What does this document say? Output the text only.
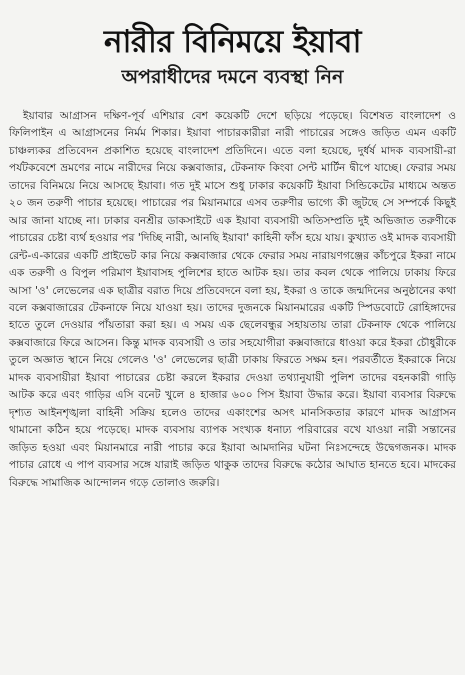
নারীর বিনিময়ে ইয়াবা
অপরাধীদের দমনে ব্যবস্থা নিন

ইয়াবার আগ্রাসন দক্ষিণ-পূর্ব এশিয়ার বেশ কয়েকটি দেশে ছড়িয়ে পড়েছে। বিশেষত বাংলাদেশ ও ফিলিপাইন এ আগ্রাসনের নির্মম শিকার। ইয়াবা পাচারকারীরা নারী পাচারের সঙ্গেও জড়িত এমন একটি চাঞ্চল্যকর প্রতিবেদন প্রকাশিত হয়েছে বাংলাদেশ প্রতিদিনে। এতে বলা হয়েছে, দুর্ধর্ষ মাদক ব্যবসায়ী-রা পর্যটকবেশে ভ্রমণের নামে নারীদের নিয়ে কক্সবাজার, টেকনাফ কিংবা সেন্ট মার্টিন দ্বীপে যাচ্ছে। ফেরার সময় তাদের বিনিময়ে নিয়ে আসছে ইয়াবা। গত দুই মাসে শুধু ঢাকার কয়েকটি ইয়াবা সিন্ডিকেটের মাধ্যমে অন্তত ২০ জন তরুণী পাচার হয়েছে। পাচারের পর মিয়ানমারে এসব তরুণীর ভাগ্যে কী জুটছে সে সম্পর্কে কিছুই আর জানা যাচ্ছে না। ঢাকার বনশ্রীর ডাকসাইটে এক ইয়াবা ব্যবসায়ী অতিসম্প্রতি দুই অভিজাত তরুণীকে পাচারের চেষ্টা ব্যর্থ হওয়ার পর 'দিচ্ছি নারী, আনছি ইয়াবা' কাহিনী ফাঁস হয়ে যায়। কুখ্যাত ওই মাদক ব্যবসায়ী রেন্ট-এ-কারের একটি প্রাইভেট কার নিয়ে কক্সবাজার থেকে ফেরার সময় নারায়ণগঞ্জের কাঁচপুরে ইকরা নামে এক তরুণী ও বিপুল পরিমাণ ইয়াবাসহ পুলিশের হাতে আটক হয়। তার কবল থেকে পালিয়ে ঢাকায় ফিরে আসা 'ও' লেভেলের এক ছাত্রীর বরাত দিয়ে প্রতিবেদনে বলা হয়, ইকরা ও তাকে জন্মদিনের অনুষ্ঠানের কথা বলে কক্সবাজারের টেকনাফে নিয়ে যাওয়া হয়। তাদের দুজনকে মিয়ানমারের একটি স্পিডবোটে রোহিঙ্গাদের হাতে তুলে দেওয়ার পাঁয়তারা করা হয়। এ সময় এক ছেলেবন্ধুর সহায়তায় তারা টেকনাফ থেকে পালিয়ে কক্সবাজারে ফিরে আসেন। কিন্তু মাদক ব্যবসায়ী ও তার সহযোগীরা কক্সবাজারে ধাওয়া করে ইকরা চৌধুরীকে তুলে অজ্ঞাত স্থানে নিয়ে গেলেও 'ও' লেভেলের ছাত্রী ঢাকায় ফিরতে সক্ষম হন। পরবর্তীতে ইকরাকে নিয়ে মাদক ব্যবসায়ীরা ইয়াবা পাচারের চেষ্টা করলে ইকরার দেওয়া তথ্যানুযায়ী পুলিশ তাদের বহনকারী গাড়ি আটক করে এবং গাড়ির এসি বনেট খুলে ৪ হাজার ৬০০ পিস ইয়াবা উদ্ধার করে। ইয়াবা ব্যবসার বিরুদ্ধে দৃশ্যত আইনশৃঙ্খলা বাহিনী সক্রিয় হলেও তাদের একাংশের অসৎ মানসিকতার কারণে মাদক আগ্রাসন থামানো কঠিন হয়ে পড়েছে। মাদক ব্যবসায় ব্যাপক সংখ্যক ধনাঢ্য পরিবারের বখে যাওয়া নারী সন্তানের জড়িত হওয়া এবং মিয়ানমারে নারী পাচার করে ইয়াবা আমদানির ঘটনা নিঃসন্দেহে উদ্বেগজনক। মাদক পাচার রোধে এ পাপ ব্যবসার সঙ্গে যারাই জড়িত থাকুক তাদের বিরুদ্ধে কঠোর আঘাত হানতে হবে। মাদকের বিরুদ্ধে সামাজিক আন্দোলন গড়ে তোলাও জরুরি।
